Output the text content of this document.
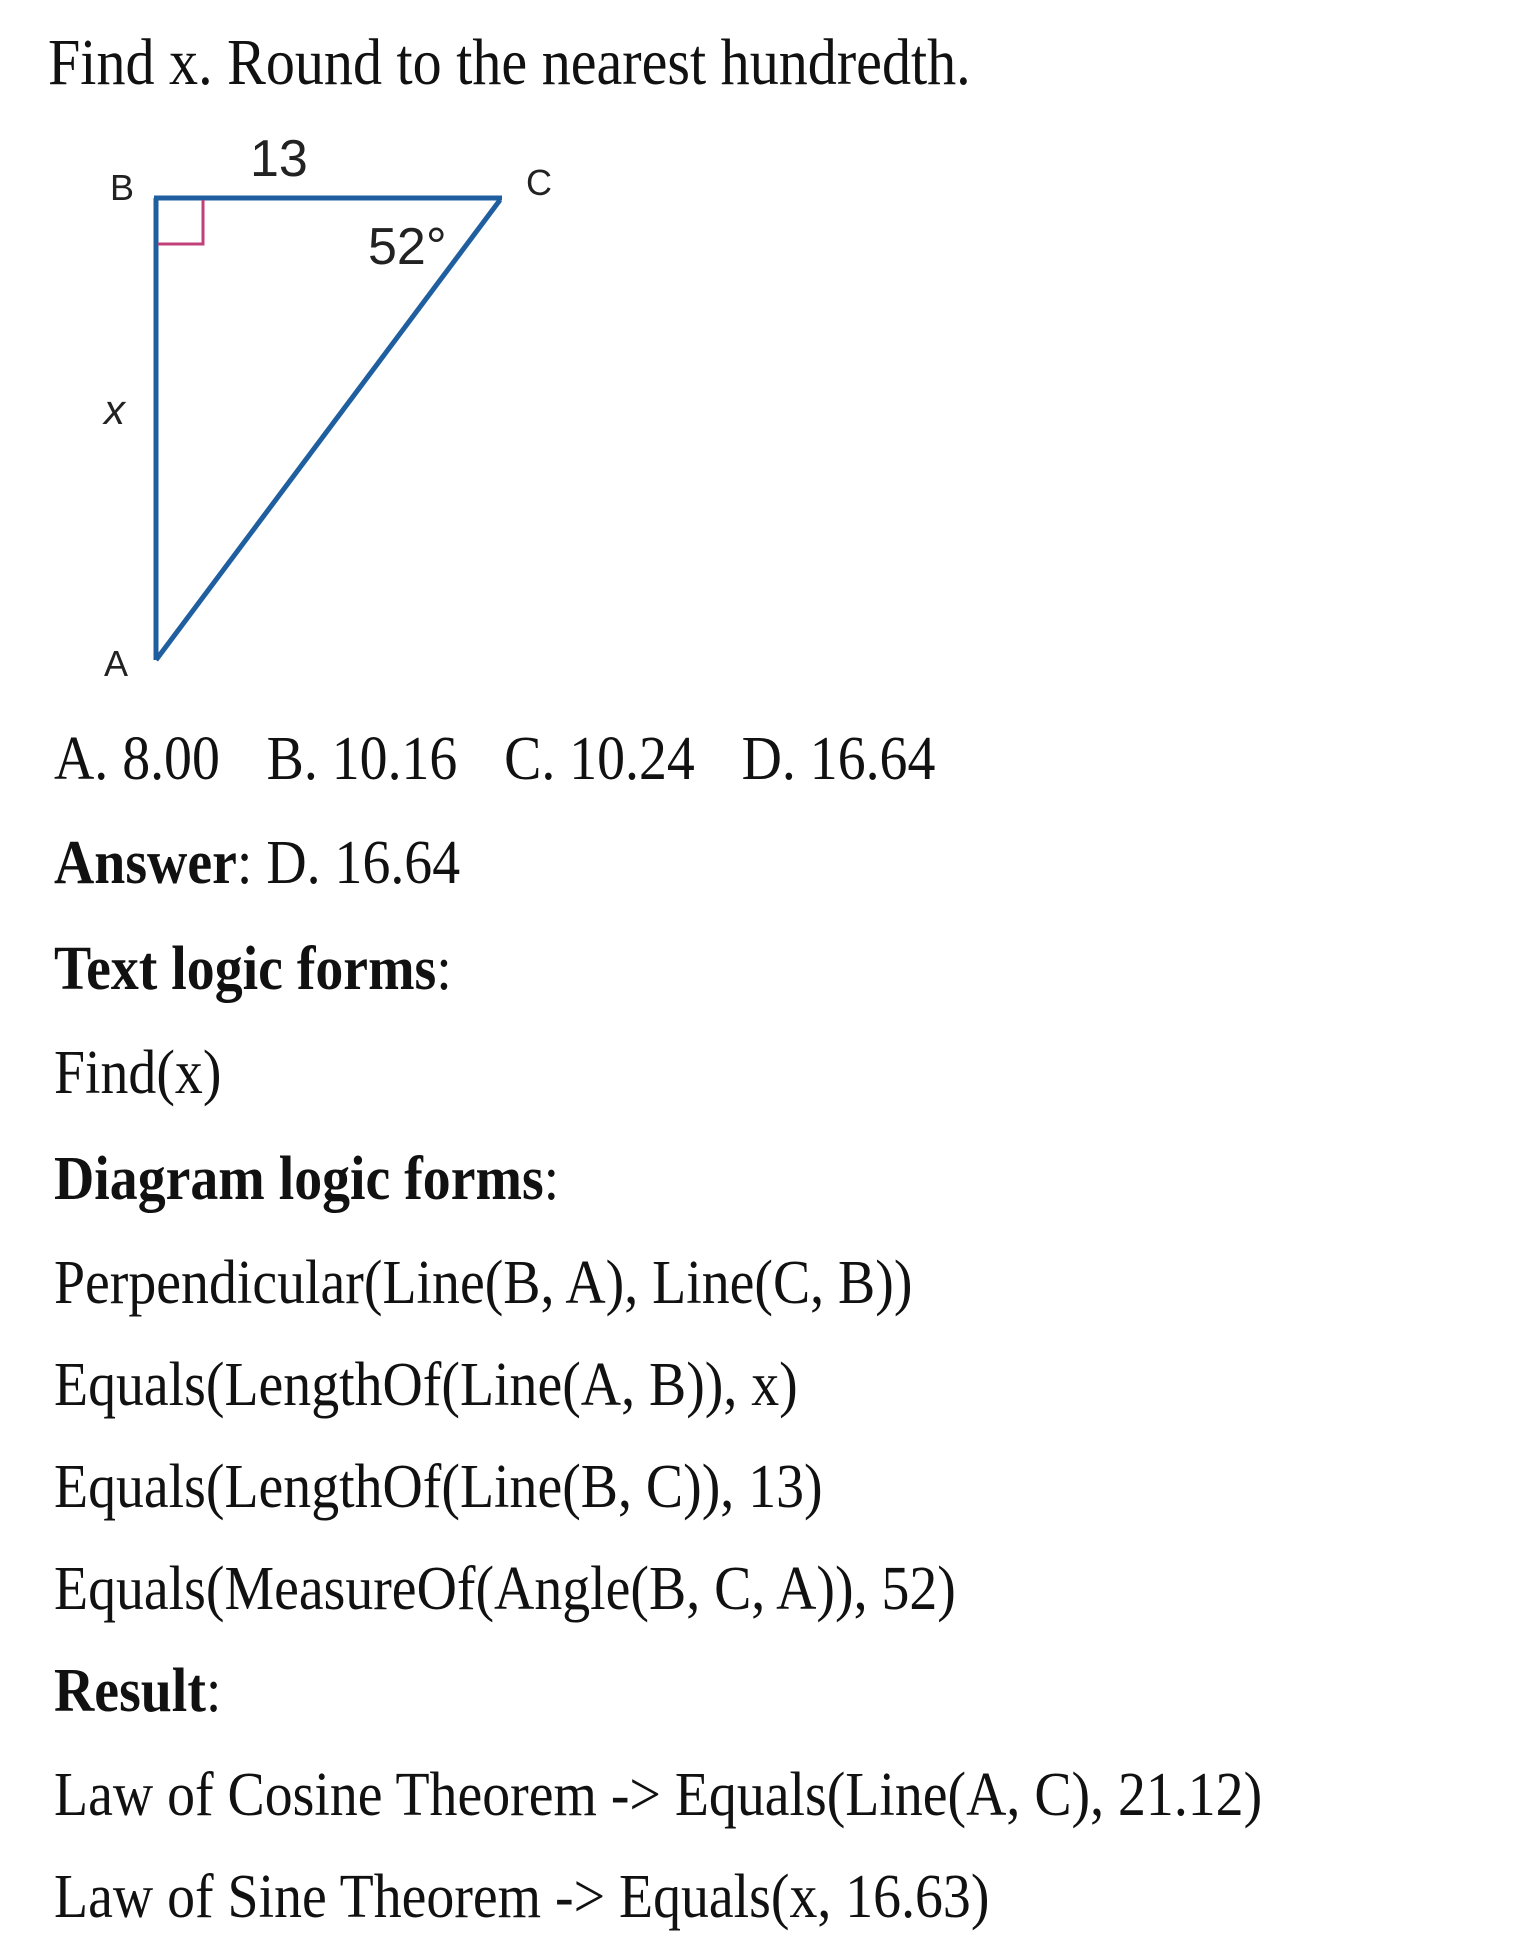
Find x. Round to the nearest hundredth.
B	C
A
13
x
52°
A. 8.00 B. 10.16 C. 10.24 D. 16.64
Answer: D. 16.64
Text logic forms:
Find(x)
Diagram logic forms:
Perpendicular(Line(B, A), Line(C, B))
Equals(LengthOf(Line(A, B)), x)
Equals(LengthOf(Line(B, C)), 13)
Equals(MeasureOf(Angle(B, C, A)), 52)
Result:
Law of Cosine Theorem -> Equals(Line(A, C), 21.12)
Law of Sine Theorem -> Equals(x, 16.63)
